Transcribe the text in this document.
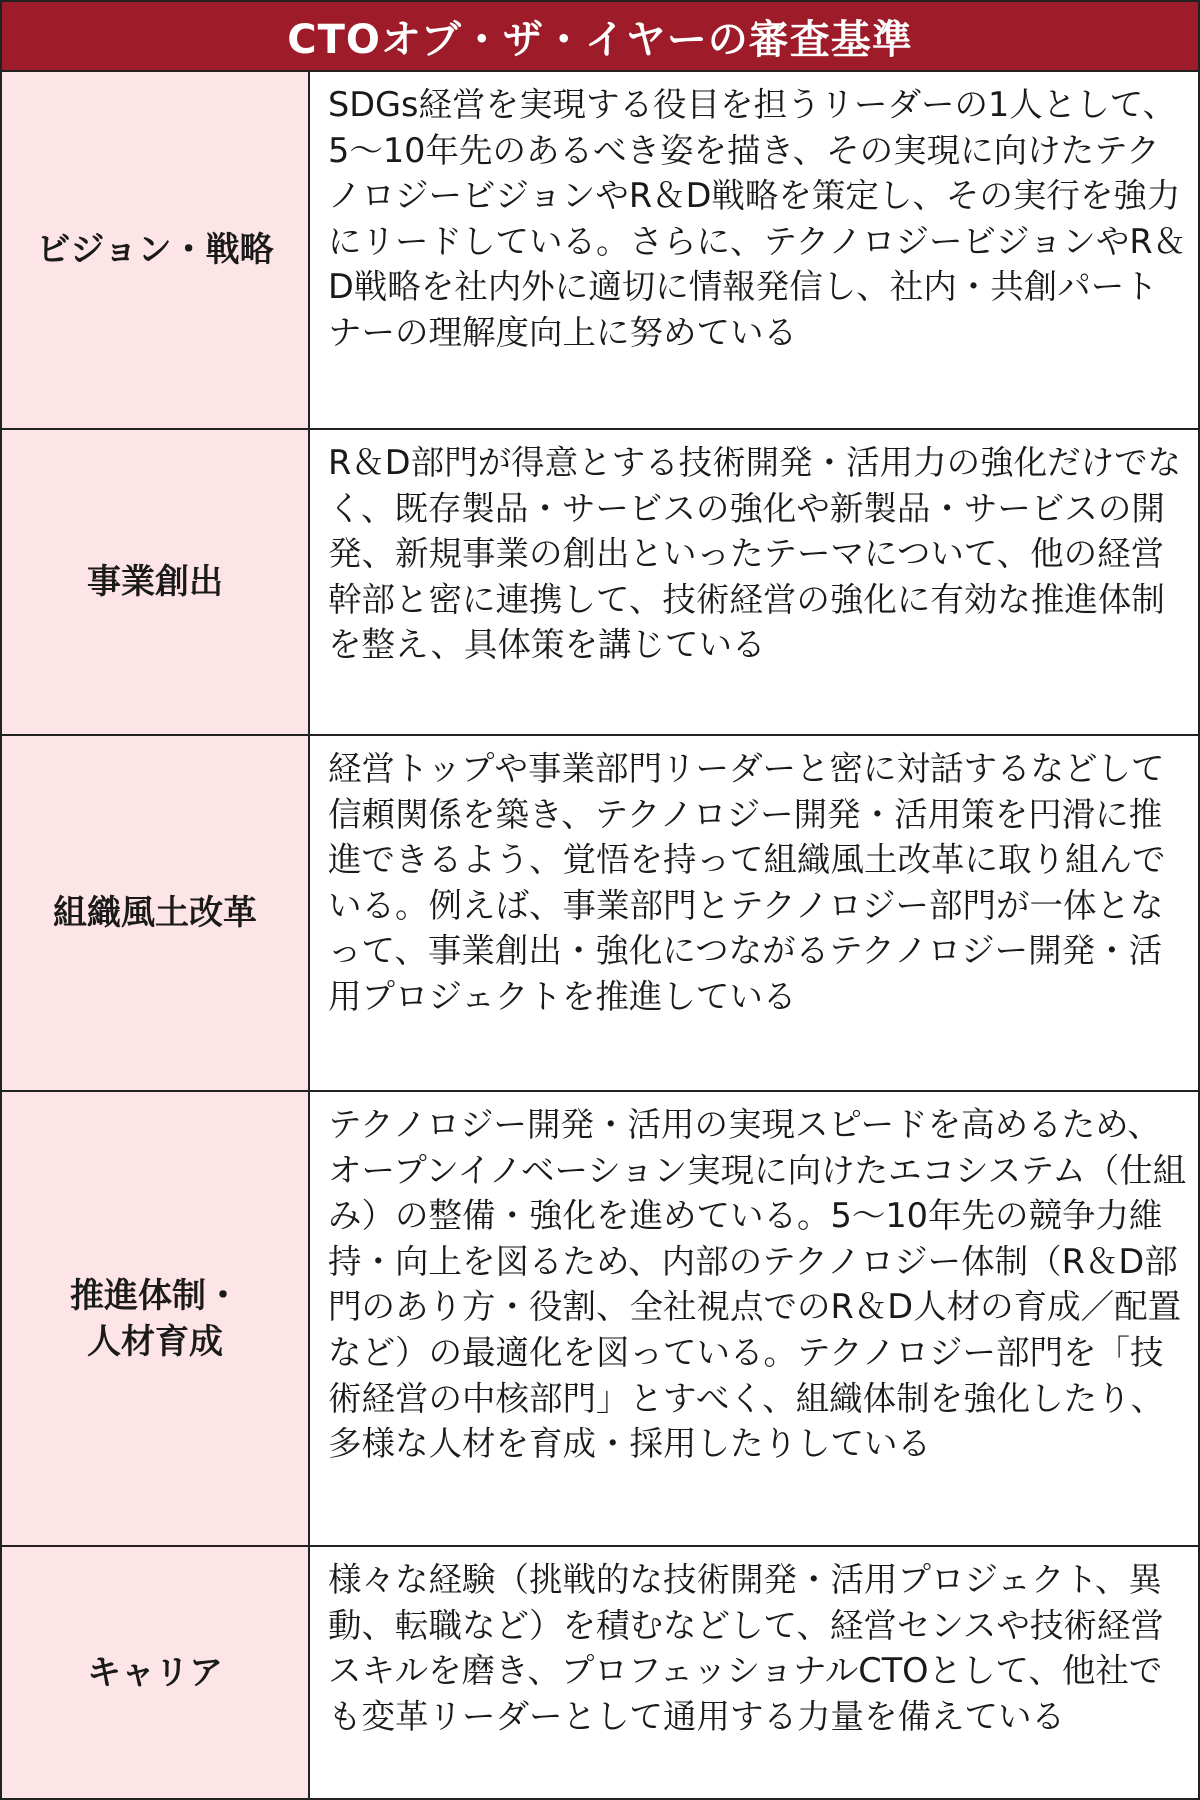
CTOオブ・ザ・イヤーの審査基準
ビジョン・戦略
SDGs経営を実現する役目を担うリーダーの1人として、5～10年先のあるべき姿を描き、その実現に向けたテクノロジービジョンやR＆D戦略を策定し、その実行を強力にリードしている。さらに、テクノロジービジョンやR＆D戦略を社内外に適切に情報発信し、社内・共創パートナーの理解度向上に努めている
事業創出
R＆D部門が得意とする技術開発・活用力の強化だけでなく、既存製品・サービスの強化や新製品・サービスの開発、新規事業の創出といったテーマについて、他の経営幹部と密に連携して、技術経営の強化に有効な推進体制を整え、具体策を講じている
組織風土改革
経営トップや事業部門リーダーと密に対話するなどして信頼関係を築き、テクノロジー開発・活用策を円滑に推進できるよう、覚悟を持って組織風土改革に取り組んでいる。例えば、事業部門とテクノロジー部門が一体となって、事業創出・強化につながるテクノロジー開発・活用プロジェクトを推進している
推進体制・
人材育成
テクノロジー開発・活用の実現スピードを高めるため、オープンイノベーション実現に向けたエコシステム（仕組み）の整備・強化を進めている。5～10年先の競争力維持・向上を図るため、内部のテクノロジー体制（R＆D部門のあり方・役割、全社視点でのR＆D人材の育成／配置など）の最適化を図っている。テクノロジー部門を「技術経営の中核部門」とすべく、組織体制を強化したり、多様な人材を育成・採用したりしている
キャリア
様々な経験（挑戦的な技術開発・活用プロジェクト、異動、転職など）を積むなどして、経営センスや技術経営スキルを磨き、プロフェッショナルCTOとして、他社でも変革リーダーとして通用する力量を備えている
